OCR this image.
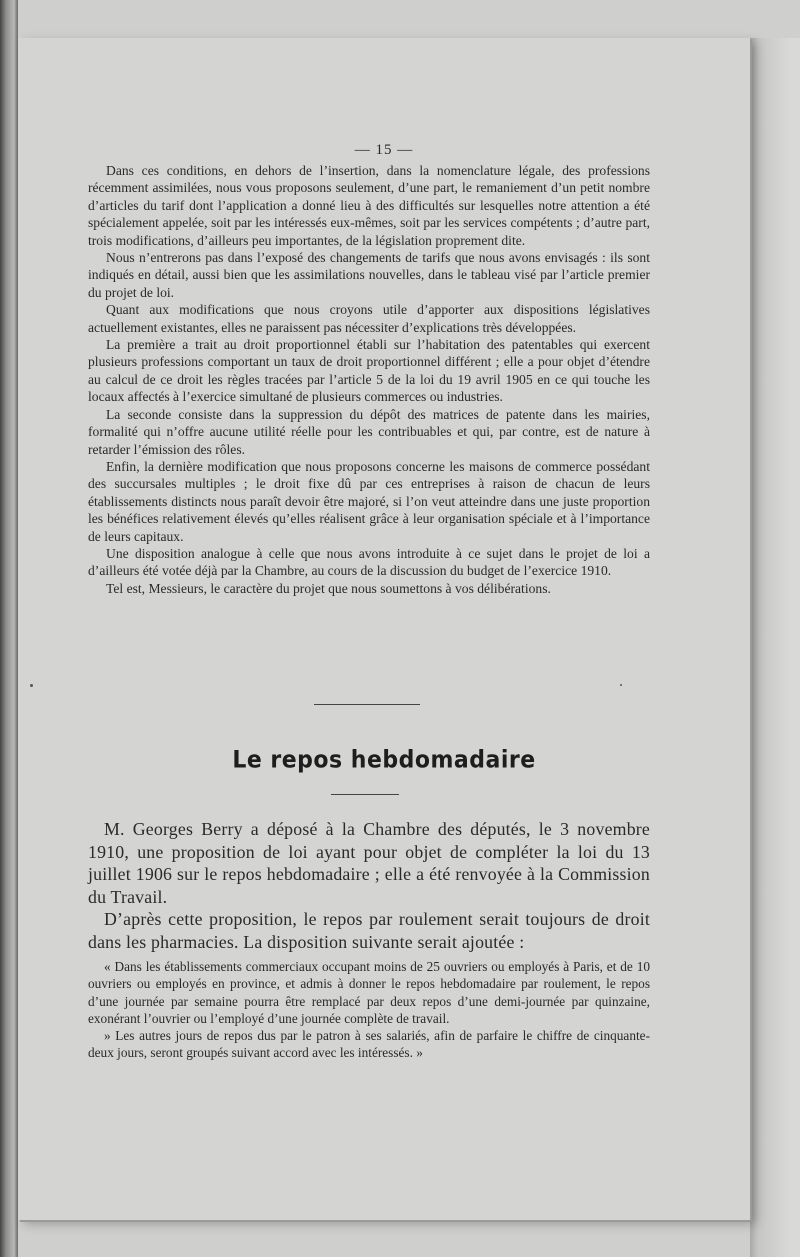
— 15 —

Dans ces conditions, en dehors de l’insertion, dans la nomenclature légale, des professions récemment assimilées, nous vous proposons seulement, d’une part, le remaniement d’un petit nombre d’articles du tarif dont l’application a donné lieu à des difficultés sur lesquelles notre attention a été spécialement appelée, soit par les intéressés eux-mêmes, soit par les services compétents ; d’autre part, trois modifications, d’ailleurs peu importantes, de la législation proprement dite.

Nous n’entrerons pas dans l’exposé des changements de tarifs que nous avons envisagés : ils sont indiqués en détail, aussi bien que les assimilations nouvelles, dans le tableau visé par l’article premier du projet de loi.

Quant aux modifications que nous croyons utile d’apporter aux dispositions législatives actuellement existantes, elles ne paraissent pas nécessiter d’explications très développées.

La première a trait au droit proportionnel établi sur l’habitation des patentables qui exercent plusieurs professions comportant un taux de droit proportionnel différent ; elle a pour objet d’étendre au calcul de ce droit les règles tracées par l’article 5 de la loi du 19 avril 1905 en ce qui touche les locaux affectés à l’exercice simultané de plusieurs commerces ou industries.

La seconde consiste dans la suppression du dépôt des matrices de patente dans les mairies, formalité qui n’offre aucune utilité réelle pour les contribuables et qui, par contre, est de nature à retarder l’émission des rôles.

Enfin, la dernière modification que nous proposons concerne les maisons de commerce possédant des succursales multiples ; le droit fixe dû par ces entreprises à raison de chacun de leurs établissements distincts nous paraît devoir être majoré, si l’on veut atteindre dans une juste proportion les bénéfices relativement élevés qu’elles réalisent grâce à leur organisation spéciale et à l’importance de leurs capitaux.

Une disposition analogue à celle que nous avons introduite à ce sujet dans le projet de loi a d’ailleurs été votée déjà par la Chambre, au cours de la discussion du budget de l’exercice 1910.

Tel est, Messieurs, le caractère du projet que nous soumettons à vos délibérations.

Le repos hebdomadaire

M. Georges Berry a déposé à la Chambre des députés, le 3 novembre 1910, une proposition de loi ayant pour objet de compléter la loi du 13 juillet 1906 sur le repos hebdomadaire ; elle a été renvoyée à la Commission du Travail.

D’après cette proposition, le repos par roulement serait toujours de droit dans les pharmacies. La disposition suivante serait ajoutée :

« Dans les établissements commerciaux occupant moins de 25 ouvriers ou employés à Paris, et de 10 ouvriers ou employés en province, et admis à donner le repos hebdomadaire par roulement, le repos d’une journée par semaine pourra être remplacé par deux repos d’une demi-journée par quinzaine, exonérant l’ouvrier ou l’employé d’une journée complète de travail.

» Les autres jours de repos dus par le patron à ses salariés, afin de parfaire le chiffre de cinquante-deux jours, seront groupés suivant accord avec les intéressés. »
